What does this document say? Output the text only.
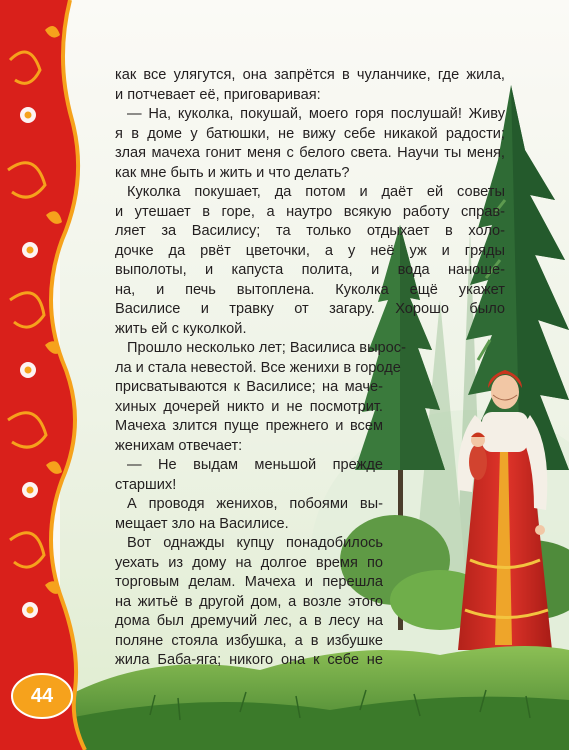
как все улягутся, она запрётся в чуланчике, где жила,
и потчевает её, приговаривая:

— На, куколка, покушай, моего горя послушай! Живу
я в доме у батюшки, не вижу себе никакой радости;
злая мачеха гонит меня с белого света. Научи ты меня,
как мне быть и жить и что делать?

Куколка покушает, да потом и даёт ей советы
и утешает в горе, а наутро всякую работу справ-
ляет за Василису; та только отдыхает в холо-
дочке да рвёт цветочки, а у неё уж и гряды
выполоты, и капуста полита, и вода наноше-
на, и печь вытоплена. Куколка ещё укажет
Василисе и травку от загару. Хорошо было
жить ей с куколкой.

Прошло несколько лет; Василиса вырос-
ла и стала невестой. Все женихи в городе
присватываются к Василисе; на маче-
хиных дочерей никто и не посмотрит.
Мачеха злится пуще прежнего и всем
женихам отвечает:

— Не выдам меньшой прежде
старших!

А проводя женихов, побоями вы-
мещает зло на Василисе.

Вот однажды купцу понадобилось
уехать из дому на долгое время по
торговым делам. Мачеха и перешла
на житьё в другой дом, а возле этого
дома был дремучий лес, а в лесу на
поляне стояла избушка, а в избушке
жила Баба-яга; никого она к себе не

44
